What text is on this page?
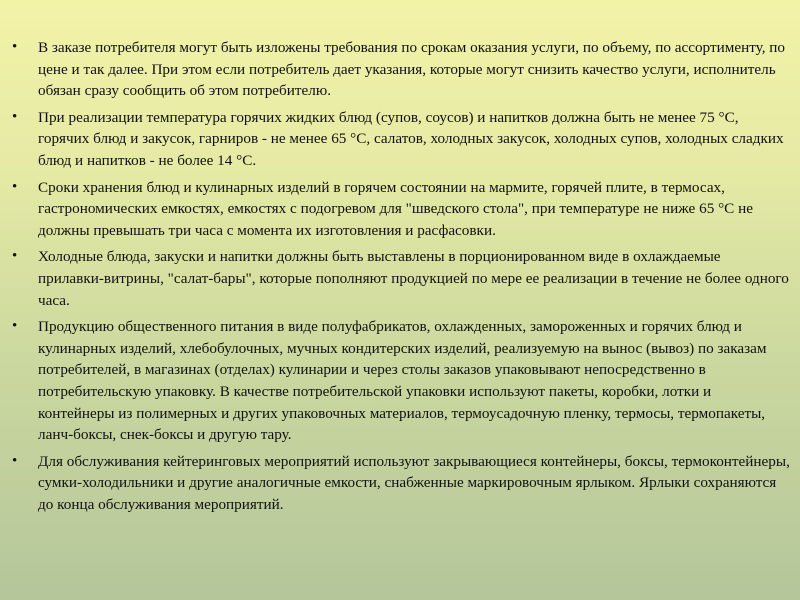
•	В заказе потребителя могут быть изложены требования по срокам оказания услуги, по объему, по ассортименту, по цене и так далее. При этом если потребитель дает указания, которые могут снизить качество услуги, исполнитель обязан сразу сообщить об этом потребителю.
•	При реализации температура горячих жидких блюд (супов, соусов) и напитков должна быть не менее 75 °С, горячих блюд и закусок, гарниров - не менее 65 °С, салатов, холодных закусок, холодных супов, холодных сладких блюд и напитков - не более 14 °С.
•	Сроки хранения блюд и кулинарных изделий в горячем состоянии на мармите, горячей плите, в термосах, гастрономических емкостях, емкостях с подогревом для "шведского стола", при температуре не ниже 65 °С не должны превышать три часа с момента их изготовления и расфасовки.
•	Холодные блюда, закуски и напитки должны быть выставлены в порционированном виде в охлаждаемые прилавки-витрины, "салат-бары", которые пополняют продукцией по мере ее реализации в течение не более одного часа.
•	Продукцию общественного питания в виде полуфабрикатов, охлажденных, замороженных и горячих блюд и кулинарных изделий, хлебобулочных, мучных кондитерских изделий, реализуемую на вынос (вывоз) по заказам потребителей, в магазинах (отделах) кулинарии и через столы заказов упаковывают непосредственно в потребительскую упаковку. В качестве потребительской упаковки используют пакеты, коробки, лотки и контейнеры из полимерных и других упаковочных материалов, термоусадочную пленку, термосы, термопакеты, ланч-боксы, снек-боксы и другую тару.
•	Для обслуживания кейтеринговых мероприятий используют закрывающиеся контейнеры, боксы, термоконтейнеры, сумки-холодильники и другие аналогичные емкости, снабженные маркировочным ярлыком. Ярлыки сохраняются до конца обслуживания мероприятий.
